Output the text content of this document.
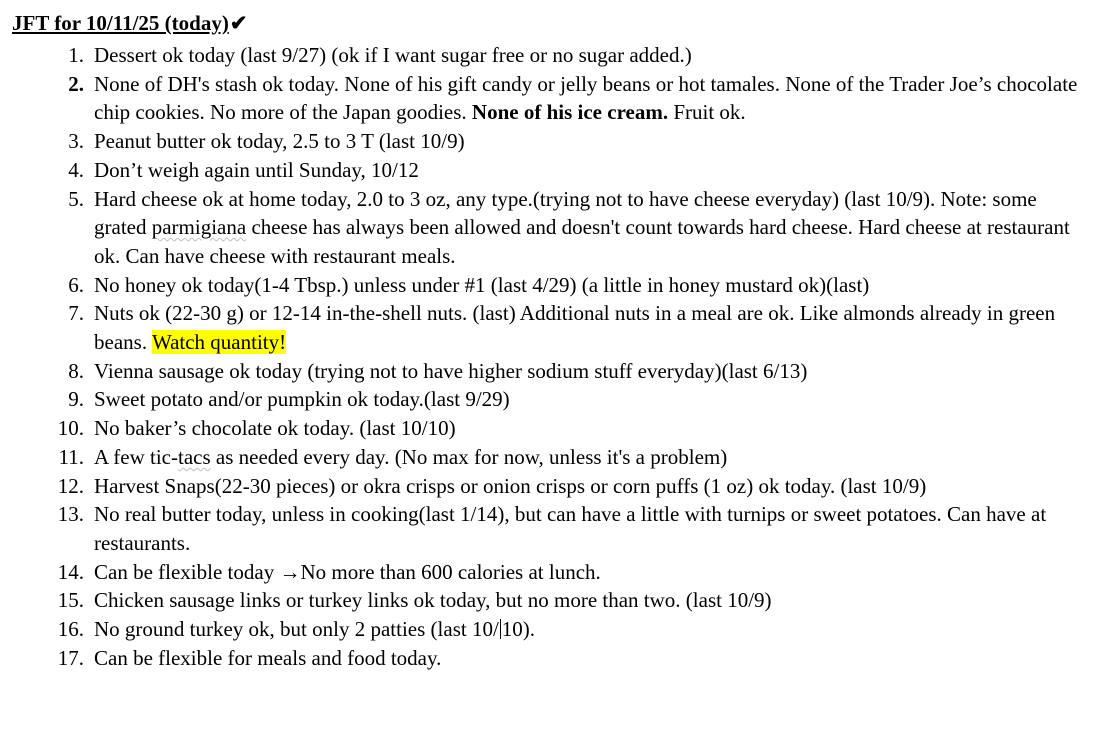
JFT for 10/11/25 (today)✔
1. Dessert ok today (last 9/27) (ok if I want sugar free or no sugar added.)
2. None of DH's stash ok today. None of his gift candy or jelly beans or hot tamales. None of the Trader Joe’s chocolate chip cookies. No more of the Japan goodies. None of his ice cream. Fruit ok.
3. Peanut butter ok today, 2.5 to 3 T (last 10/9)
4. Don’t weigh again until Sunday, 10/12
5. Hard cheese ok at home today, 2.0 to 3 oz, any type.(trying not to have cheese everyday) (last 10/9). Note: some grated parmigiana cheese has always been allowed and doesn't count towards hard cheese. Hard cheese at restaurant ok. Can have cheese with restaurant meals.
6. No honey ok today(1-4 Tbsp.) unless under #1 (last 4/29) (a little in honey mustard ok)(last)
7. Nuts ok (22-30 g) or 12-14 in-the-shell nuts. (last) Additional nuts in a meal are ok. Like almonds already in green beans. Watch quantity!
8. Vienna sausage ok today (trying not to have higher sodium stuff everyday)(last 6/13)
9. Sweet potato and/or pumpkin ok today.(last 9/29)
10. No baker’s chocolate ok today. (last 10/10)
11. A few tic-tacs as needed every day. (No max for now, unless it's a problem)
12. Harvest Snaps(22-30 pieces) or okra crisps or onion crisps or corn puffs (1 oz) ok today. (last 10/9)
13. No real butter today, unless in cooking(last 1/14), but can have a little with turnips or sweet potatoes. Can have at restaurants.
14. Can be flexible today →No more than 600 calories at lunch.
15. Chicken sausage links or turkey links ok today, but no more than two. (last 10/9)
16. No ground turkey ok, but only 2 patties (last 10/ 10).
17. Can be flexible for meals and food today.
